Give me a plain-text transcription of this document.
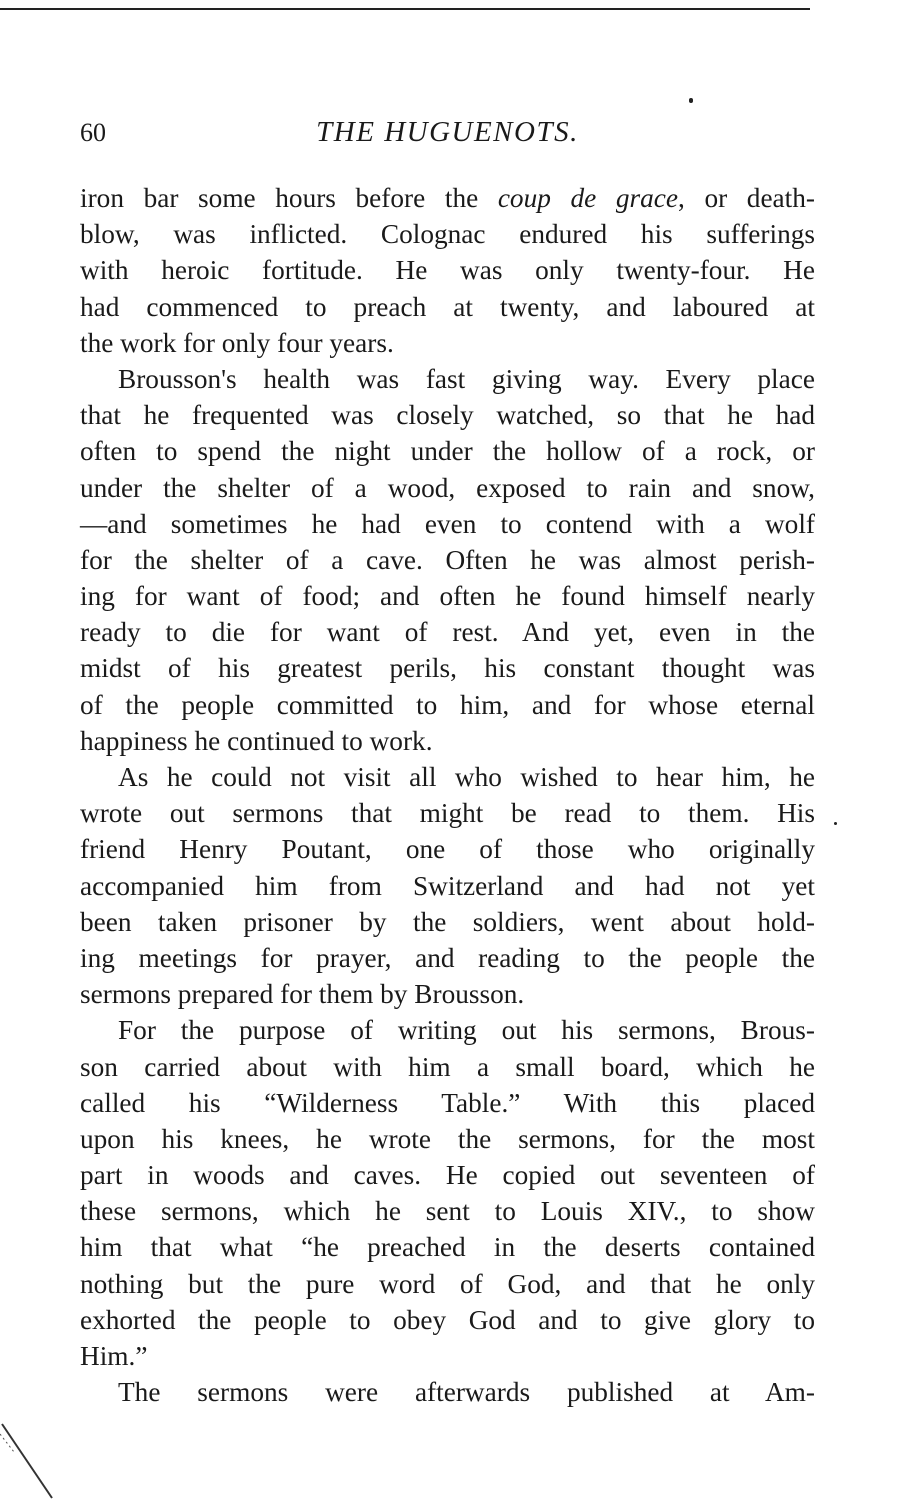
60	THE HUGUENOTS.
iron bar some hours before the coup de grace, or death-
blow, was inflicted. Colognac endured his sufferings
with heroic fortitude. He was only twenty-four. He
had commenced to preach at twenty, and laboured at
the work for only four years.
Brousson's health was fast giving way. Every place
that he frequented was closely watched, so that he had
often to spend the night under the hollow of a rock, or
under the shelter of a wood, exposed to rain and snow,
—and sometimes he had even to contend with a wolf
for the shelter of a cave. Often he was almost perish-
ing for want of food; and often he found himself nearly
ready to die for want of rest. And yet, even in the
midst of his greatest perils, his constant thought was
of the people committed to him, and for whose eternal
happiness he continued to work.
As he could not visit all who wished to hear him, he
wrote out sermons that might be read to them. His
friend Henry Poutant, one of those who originally
accompanied him from Switzerland and had not yet
been taken prisoner by the soldiers, went about hold-
ing meetings for prayer, and reading to the people the
sermons prepared for them by Brousson.
For the purpose of writing out his sermons, Brous-
son carried about with him a small board, which he
called his “Wilderness Table.” With this placed
upon his knees, he wrote the sermons, for the most
part in woods and caves. He copied out seventeen of
these sermons, which he sent to Louis XIV., to show
him that what “he preached in the deserts contained
nothing but the pure word of God, and that he only
exhorted the people to obey God and to give glory to
Him.”
The sermons were afterwards published at Am-
